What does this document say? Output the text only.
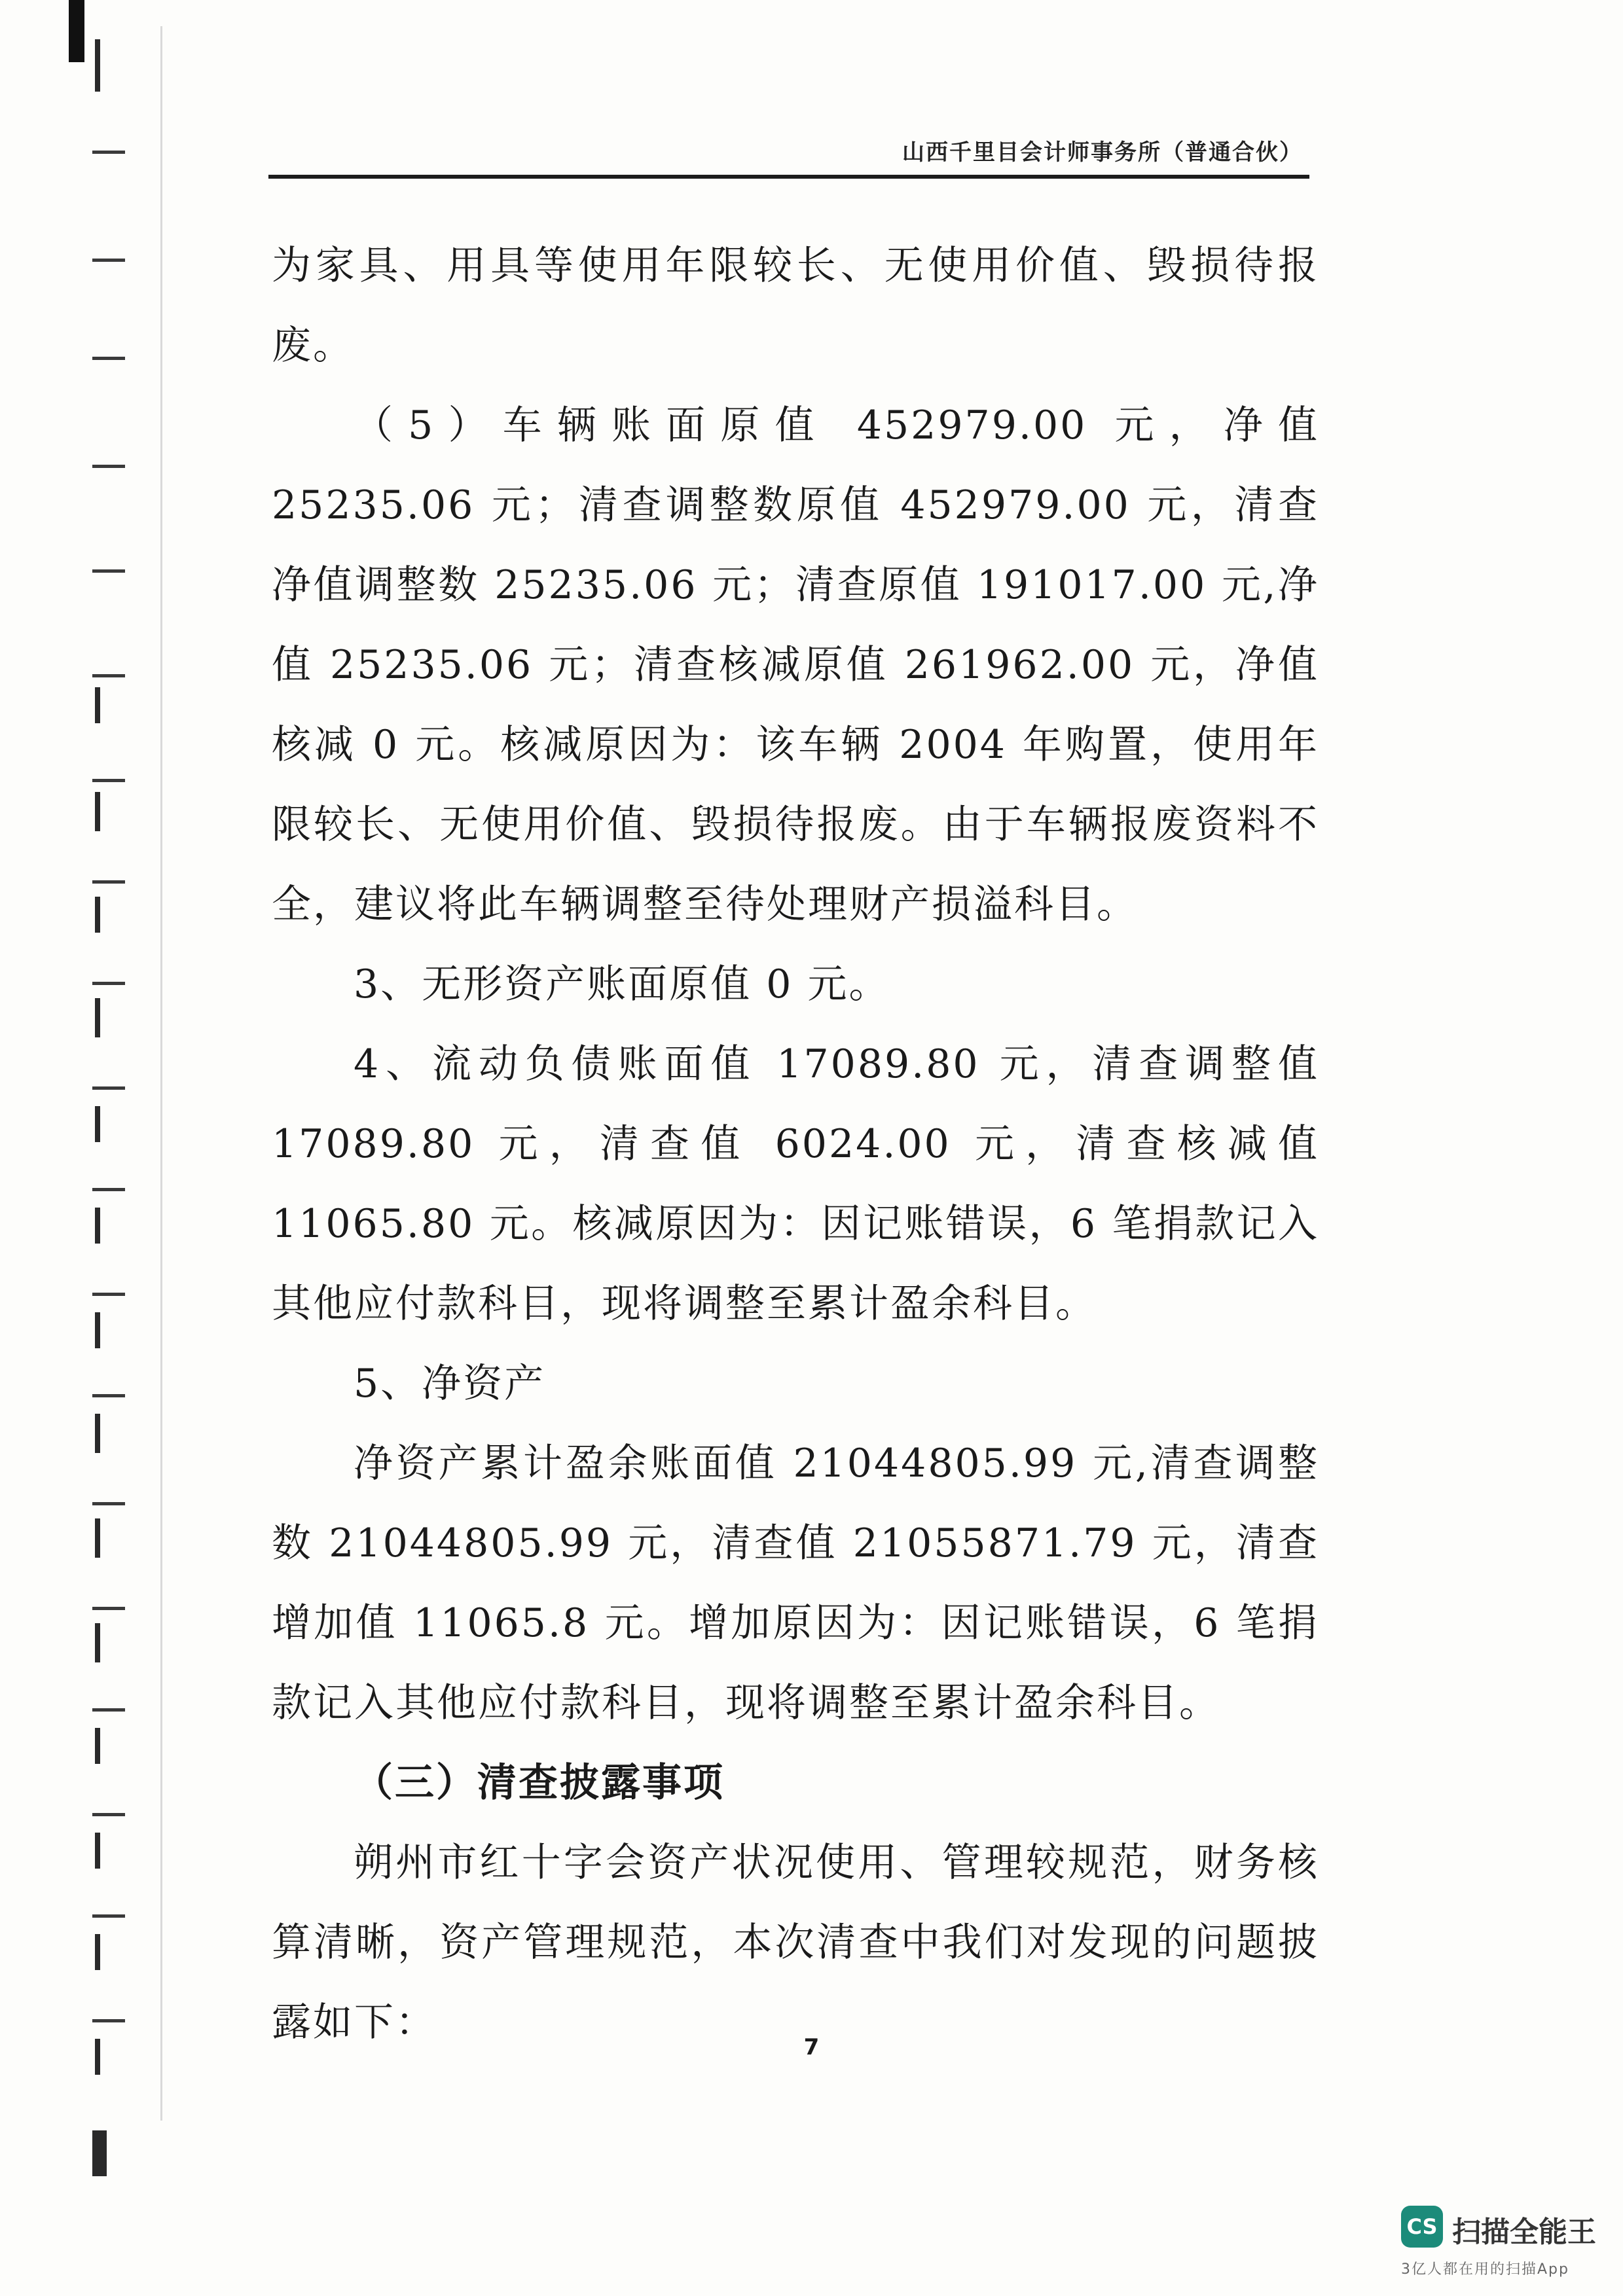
山西千里目会计师事务所（普通合伙）

为家具、用具等使用年限较长、无使用价值、毁损待报废。

（5）车辆账面原值 452979.00 元，净值 25235.06 元；清查调整数原值 452979.00 元，清查净值调整数 25235.06 元；清查原值 191017.00 元,净值 25235.06 元；清查核减原值 261962.00 元，净值核减 0 元。核减原因为：该车辆 2004 年购置，使用年限较长、无使用价值、毁损待报废。由于车辆报废资料不全，建议将此车辆调整至待处理财产损溢科目。

3、无形资产账面原值 0 元。

4、流动负债账面值 17089.80 元，清查调整值 17089.80 元，清查值 6024.00 元，清查核减值 11065.80 元。核减原因为：因记账错误，6 笔捐款记入其他应付款科目，现将调整至累计盈余科目。

5、净资产

净资产累计盈余账面值 21044805.99 元,清查调整数 21044805.99 元，清查值 21055871.79 元，清查增加值 11065.8 元。增加原因为：因记账错误，6 笔捐款记入其他应付款科目，现将调整至累计盈余科目。

（三）清查披露事项

朔州市红十字会资产状况使用、管理较规范，财务核算清晰，资产管理规范，本次清查中我们对发现的问题披露如下：

7
CS 扫描全能王
3亿人都在用的扫描App
